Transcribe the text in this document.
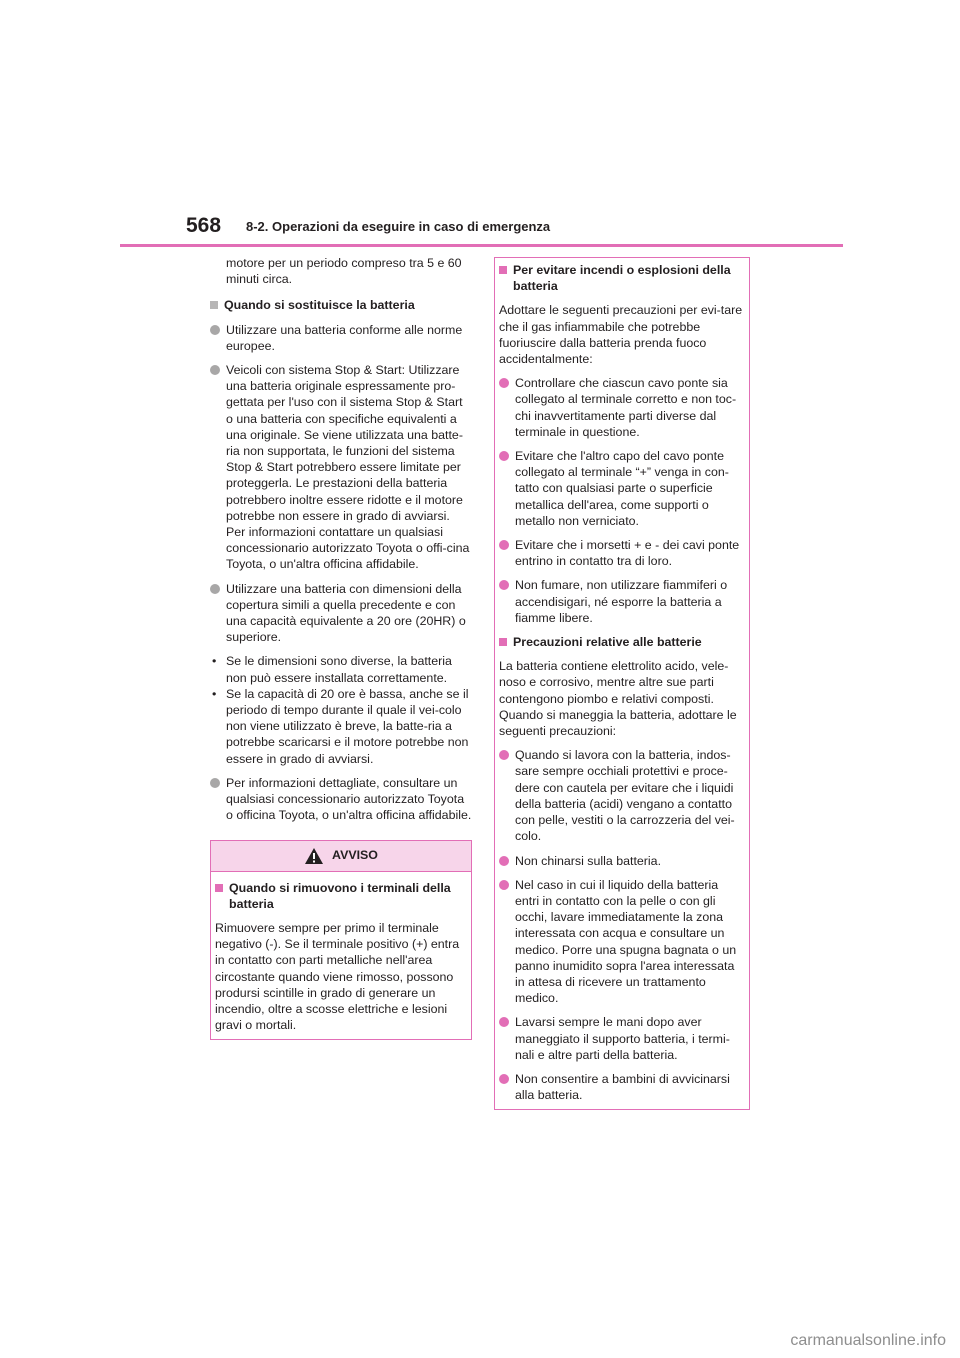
568 8-2. Operazioni da eseguire in caso di emergenza
motore per un periodo compreso tra 5 e 60 minuti circa.
Quando si sostituisce la batteria
Utilizzare una batteria conforme alle norme europee.
Veicoli con sistema Stop & Start: Utilizzare una batteria originale espressamente pro-gettata per l'uso con il sistema Stop & Start o una batteria con specifiche equivalenti a una originale. Se viene utilizzata una batte-ria non supportata, le funzioni del sistema Stop & Start potrebbero essere limitate per proteggerla. Le prestazioni della batteria potrebbero inoltre essere ridotte e il motore potrebbe non essere in grado di avviarsi. Per informazioni contattare un qualsiasi concessionario autorizzato Toyota o offi-cina Toyota, o un'altra officina affidabile.
Utilizzare una batteria con dimensioni della copertura simili a quella precedente e con una capacità equivalente a 20 ore (20HR) o superiore.
• Se le dimensioni sono diverse, la batteria non può essere installata correttamente.
• Se la capacità di 20 ore è bassa, anche se il periodo di tempo durante il quale il vei-colo non viene utilizzato è breve, la batte-ria a potrebbe scaricarsi e il motore potrebbe non essere in grado di avviarsi.
Per informazioni dettagliate, consultare un qualsiasi concessionario autorizzato Toyota o officina Toyota, o un'altra officina affidabile.
AVVISO
Quando si rimuovono i terminali della batteria
Rimuovere sempre per primo il terminale negativo (-). Se il terminale positivo (+) entra in contatto con parti metalliche nell'area circostante quando viene rimosso, possono prodursi scintille in grado di generare un incendio, oltre a scosse elettriche e lesioni gravi o mortali.
Per evitare incendi o esplosioni della batteria
Adottare le seguenti precauzioni per evi-tare che il gas infiammabile che potrebbe fuoriuscire dalla batteria prenda fuoco accidentalmente:
Controllare che ciascun cavo ponte sia collegato al terminale corretto e non toc-chi inavvertitamente parti diverse dal terminale in questione.
Evitare che l'altro capo del cavo ponte collegato al terminale “+” venga in con-tatto con qualsiasi parte o superficie metallica dell'area, come supporti o metallo non verniciato.
Evitare che i morsetti + e - dei cavi ponte entrino in contatto tra di loro.
Non fumare, non utilizzare fiammiferi o accendisigari, né esporre la batteria a fiamme libere.
Precauzioni relative alle batterie
La batteria contiene elettrolito acido, vele-noso e corrosivo, mentre altre sue parti contengono piombo e relativi composti. Quando si maneggia la batteria, adottare le seguenti precauzioni:
Quando si lavora con la batteria, indos-sare sempre occhiali protettivi e proce-dere con cautela per evitare che i liquidi della batteria (acidi) vengano a contatto con pelle, vestiti o la carrozzeria del vei-colo.
Non chinarsi sulla batteria.
Nel caso in cui il liquido della batteria entri in contatto con la pelle o con gli occhi, lavare immediatamente la zona interessata con acqua e consultare un medico. Porre una spugna bagnata o un panno inumidito sopra l'area interessata in attesa di ricevere un trattamento medico.
Lavarsi sempre le mani dopo aver maneggiato il supporto batteria, i termi-nali e altre parti della batteria.
Non consentire a bambini di avvicinarsi alla batteria.
carmanualsonline.info
